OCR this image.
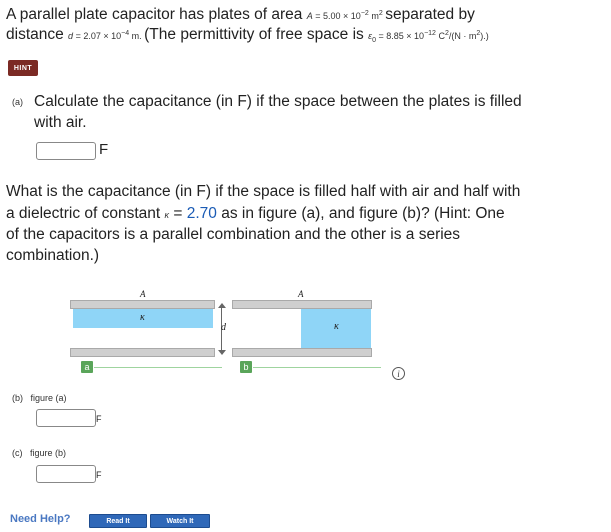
A parallel plate capacitor has plates of area $A = 5.00 \times 10^{-2}$ $m^2$ separated by
distance $d = 2.07 \times 10^{-4}$ m. (The permittivity of free space is $\varepsilon_0 = 8.85 \times 10^{-12}$ $C^2/(N \cdot m^2)$.)
HINT
(a) Calculate the capacitance (in F) if the space between the plates is filled
with air.
F
What is the capacitance (in F) if the space is filled half with air and half with
a dielectric of constant κ = 2.70 as in figure (a), and figure (b)? (Hint: One
of the capacitors is a parallel combination and the other is a series
combination.)
A
κ
a
d
A
κ
b
i
(b) figure (a)
F
(c) figure (b)
F
Need Help?	Read It	Watch It
